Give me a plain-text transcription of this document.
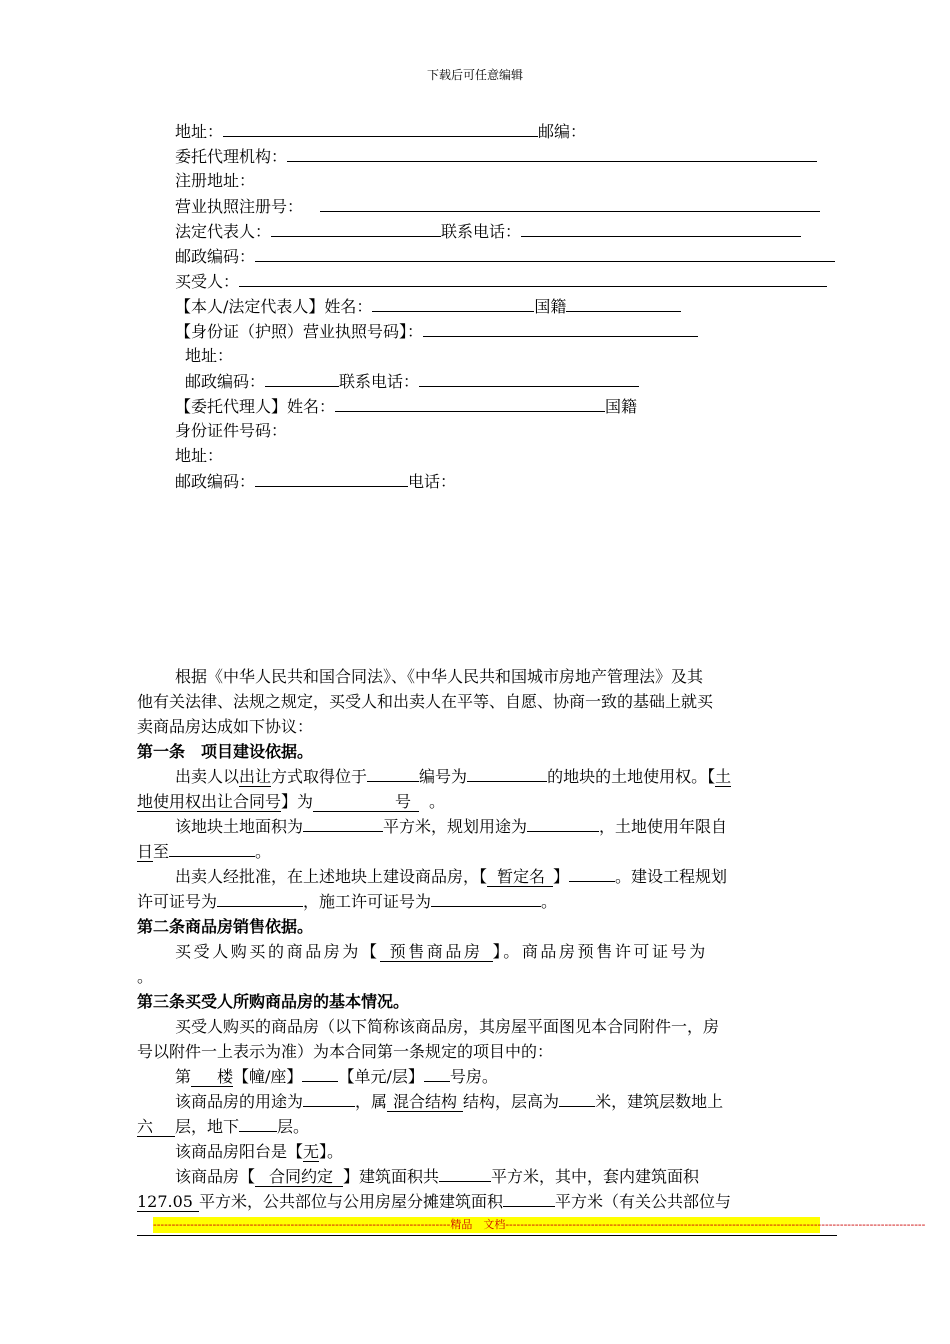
下载后可任意编辑
地址：	邮编：
委托代理机构：
注册地址：
营业执照注册号：
法定代表人：	联系电话：
邮政编码：
买受人：
【本人/法定代表人】姓名：	国籍
【身份证（护照）营业执照号码】：
地址：
邮政编码：	联系电话：
【委托代理人】姓名：	国籍
身份证件号码：
地址：
邮政编码：	电话：
根据《中华人民共和国合同法》、《中华人民共和国城市房地产管理法》及其
他有关法律、法规之规定，买受人和出卖人在平等、自愿、协商一致的基础上就买
卖商品房达成如下协议：
第一条　项目建设依据。
出卖人以出让方式取得位于	编号为	的地块的土地使用权。【土
地使用权出让合同号】为	号 。
该地块土地面积为	平方米，规划用途为	，土地使用年限自
日至	。
出卖人经批准，在上述地块上建设商品房，【 暂定名 】	。建设工程规划
许可证号为	，施工许可证号为	。
第二条商品房销售依据。
买受人购买的商品房为【 预售商品房 】。商品房预售许可证号为
。
第三条买受人所购商品房的基本情况。
买受人购买的商品房（以下简称该商品房，其房屋平面图见本合同附件一，房
号以附件一上表示为准）为本合同第一条规定的项目中的：
第 楼【幢/座】 【单元/层】 号房。
该商品房的用途为	，属 混合结构 结构，层高为 米，建筑层数地上
六 层，地下 层。
该商品房阳台是【无】。
该商品房【 合同约定 】建筑面积共	平方米，其中，套内建筑面积
127.05 平方米，公共部位与公用房屋分摊建筑面积	平方米（有关公共部位与
--------------------------------------------------------------------------------精品　文档-----------------------------------------------------------------------------------------------------------------
